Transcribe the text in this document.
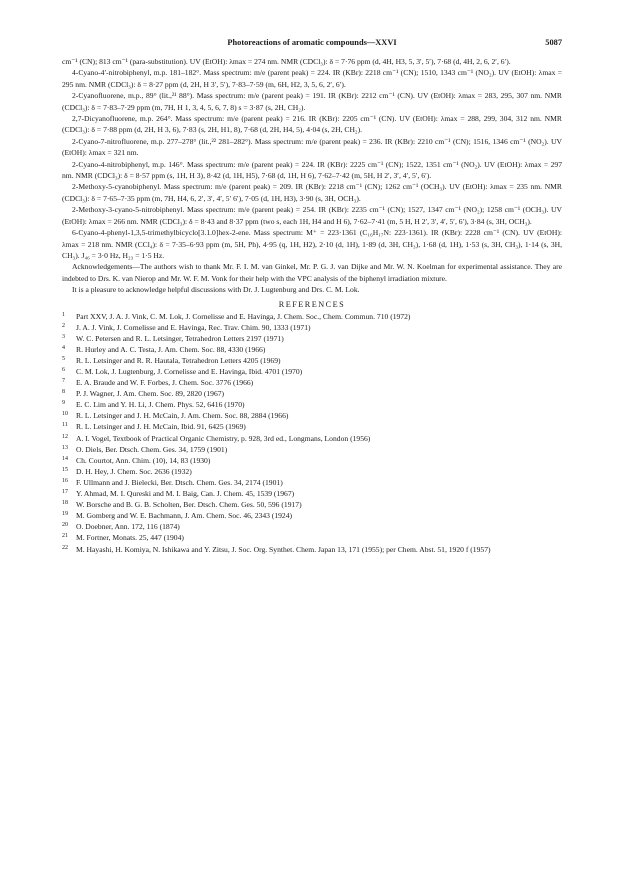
Photoreactions of aromatic compounds—XXVI	5087

cm⁻¹ (CN); 813 cm⁻¹ (para-substitution). UV (EtOH): λmax = 274 nm. NMR (CDCl₃): δ = 7·76 ppm (d, 4H, H3, 5, 3′, 5′), 7·68 (d, 4H, 2, 6, 2′, 6′).

4-Cyano-4′-nitrobiphenyl, m.p. 181–182°. Mass spectrum: m/e (parent peak) = 224. IR (KBr): 2218 cm⁻¹ (CN); 1510, 1343 cm⁻¹ (NO₂). UV (EtOH): λmax = 295 nm. NMR (CDCl₃): δ = 8·27 ppm (d, 2H, H 3′, 5′), 7·83–7·59 (m, 6H, H2, 3, 5, 6, 2′, 6′).

2-Cyanofluorene, m.p., 89° (lit.,²¹ 88°). Mass spectrum: m/e (parent peak) = 191. IR (KBr): 2212 cm⁻¹ (CN). UV (EtOH): λmax = 283, 295, 307 nm. NMR (CDCl₃): δ = 7·83–7·29 ppm (m, 7H, H 1, 3, 4, 5, 6, 7, 8) s = 3·87 (s, 2H, CH₂).

2,7-Dicyanofluorene, m.p. 264°. Mass spectrum: m/e (parent peak) = 216. IR (KBr): 2205 cm⁻¹ (CN). UV (EtOH): λmax = 288, 299, 304, 312 nm. NMR (CDCl₃): δ = 7·88 ppm (d, 2H, H 3, 6), 7·83 (s, 2H, H1, 8), 7·68 (d, 2H, H4, 5), 4·04 (s, 2H, CH₂).

2-Cyano-7-nitrofluorene, m.p. 277–278° (lit.,²² 281–282°). Mass spectrum: m/e (parent peak) = 236. IR (KBr): 2210 cm⁻¹ (CN); 1516, 1346 cm⁻¹ (NO₂). UV (EtOH): λmax = 321 nm.

2-Cyano-4-nitrobiphenyl, m.p. 146°. Mass spectrum: m/e (parent peak) = 224. IR (KBr): 2225 cm⁻¹ (CN); 1522, 1351 cm⁻¹ (NO₂). UV (EtOH): λmax = 297 nm. NMR (CDCl₃): δ = 8·57 ppm (s, 1H, H 3), 8·42 (d, 1H, H5), 7·68 (d, 1H, H 6), 7·62–7·42 (m, 5H, H 2′, 3′, 4′, 5′, 6′).

2-Methoxy-5-cyanobiphenyl. Mass spectrum: m/e (parent peak) = 209. IR (KBr): 2218 cm⁻¹ (CN); 1262 cm⁻¹ (OCH₃). UV (EtOH): λmax = 235 nm. NMR (CDCl₃): δ = 7·65–7·35 ppm (m, 7H, H4, 6, 2′, 3′, 4′, 5′ 6′), 7·05 (d, 1H, H3), 3·90 (s, 3H, OCH₃).

2-Methoxy-3-cyano-5-nitrobiphenyl. Mass spectrum: m/e (parent peak) = 254. IR (KBr): 2235 cm⁻¹ (CN); 1527, 1347 cm⁻¹ (NO₂); 1258 cm⁻¹ (OCH₃). UV (EtOH): λmax = 266 nm. NMR (CDCl₃): δ = 8·43 and 8·37 ppm (two s, each 1H, H4 and H 6), 7·62–7·41 (m, 5 H, H 2′, 3′, 4′, 5′, 6′), 3·84 (s, 3H, OCH₃).

6-Cyano-4-phenyl-1,3,5-trimethylbicyclo[3.1.0]hex-2-ene. Mass spectrum: M⁺ = 223·1361 (C₁₆H₁₇N: 223·1361). IR (KBr): 2228 cm⁻¹ (CN). UV (EtOH): λmax = 218 nm. NMR (CCl₄): δ = 7·35–6·93 ppm (m, 5H, Ph), 4·95 (q, 1H, H2), 2·10 (d, 1H), 1·89 (d, 3H, CH₃), 1·68 (d, 1H), 1·53 (s, 3H, CH₃), 1·14 (s, 3H, CH₃). J₄₆ = 3·0 Hz, H₂₃ = 1·5 Hz.

Acknowledgements—The authors wish to thank Mr. F. I. M. van Ginkel, Mr. P. G. J. van Dijke and Mr. W. N. Koelman for experimental assistance. They are indebted to Drs. K. van Nierop and Mr. W. F. M. Vonk for their help with the VPC analysis of the biphenyl irradiation mixture.

It is a pleasure to acknowledge helpful discussions with Dr. J. Lugtenburg and Drs. C. M. Lok.

REFERENCES
1	Part XXV, J. A. J. Vink, C. M. Lok, J. Cornelisse and E. Havinga, J. Chem. Soc., Chem. Commun. 710 (1972)
2	J. A. J. Vink, J. Cornelisse and E. Havinga, Rec. Trav. Chim. 90, 1333 (1971)
3	W. C. Petersen and R. L. Letsinger, Tetrahedron Letters 2197 (1971)
4	R. Hurley and A. C. Testa, J. Am. Chem. Soc. 88, 4330 (1966)
5	R. L. Letsinger and R. R. Hautala, Tetrahedron Letters 4205 (1969)
6	C. M. Lok, J. Lugtenburg, J. Cornelisse and E. Havinga, Ibid. 4701 (1970)
7	E. A. Braude and W. F. Forbes, J. Chem. Soc. 3776 (1966)
8	P. J. Wagner, J. Am. Chem. Soc. 89, 2820 (1967)
9	E. C. Lim and Y. H. Li, J. Chem. Phys. 52, 6416 (1970)
10	R. L. Letsinger and J. H. McCain, J. Am. Chem. Soc. 88, 2884 (1966)
11	R. L. Letsinger and J. H. McCain, Ibid. 91, 6425 (1969)
12	A. I. Vogel, Textbook of Practical Organic Chemistry, p. 928, 3rd ed., Longmans, London (1956)
13	O. Diels, Ber. Dtsch. Chem. Ges. 34, 1759 (1901)
14	Ch. Courtot, Ann. Chim. (10), 14, 83 (1930)
15	D. H. Hey, J. Chem. Soc. 2636 (1932)
16	F. Ullmann and J. Bielecki, Ber. Dtsch. Chem. Ges. 34, 2174 (1901)
17	Y. Ahmad, M. I. Qureski and M. I. Baig, Can. J. Chem. 45, 1539 (1967)
18	W. Borsche and B. G. B. Scholten, Ber. Dtsch. Chem. Ges. 50, 596 (1917)
19	M. Gomberg and W. E. Bachmann, J. Am. Chem. Soc. 46, 2343 (1924)
20	O. Doebner, Ann. 172, 116 (1874)
21	M. Fortner, Monats. 25, 447 (1904)
22	M. Hayashi, H. Komiya, N. Ishikawa and Y. Zitsu, J. Soc. Org. Synthet. Chem. Japan 13, 171 (1955); per Chem. Abst. 51, 1920 f (1957)
